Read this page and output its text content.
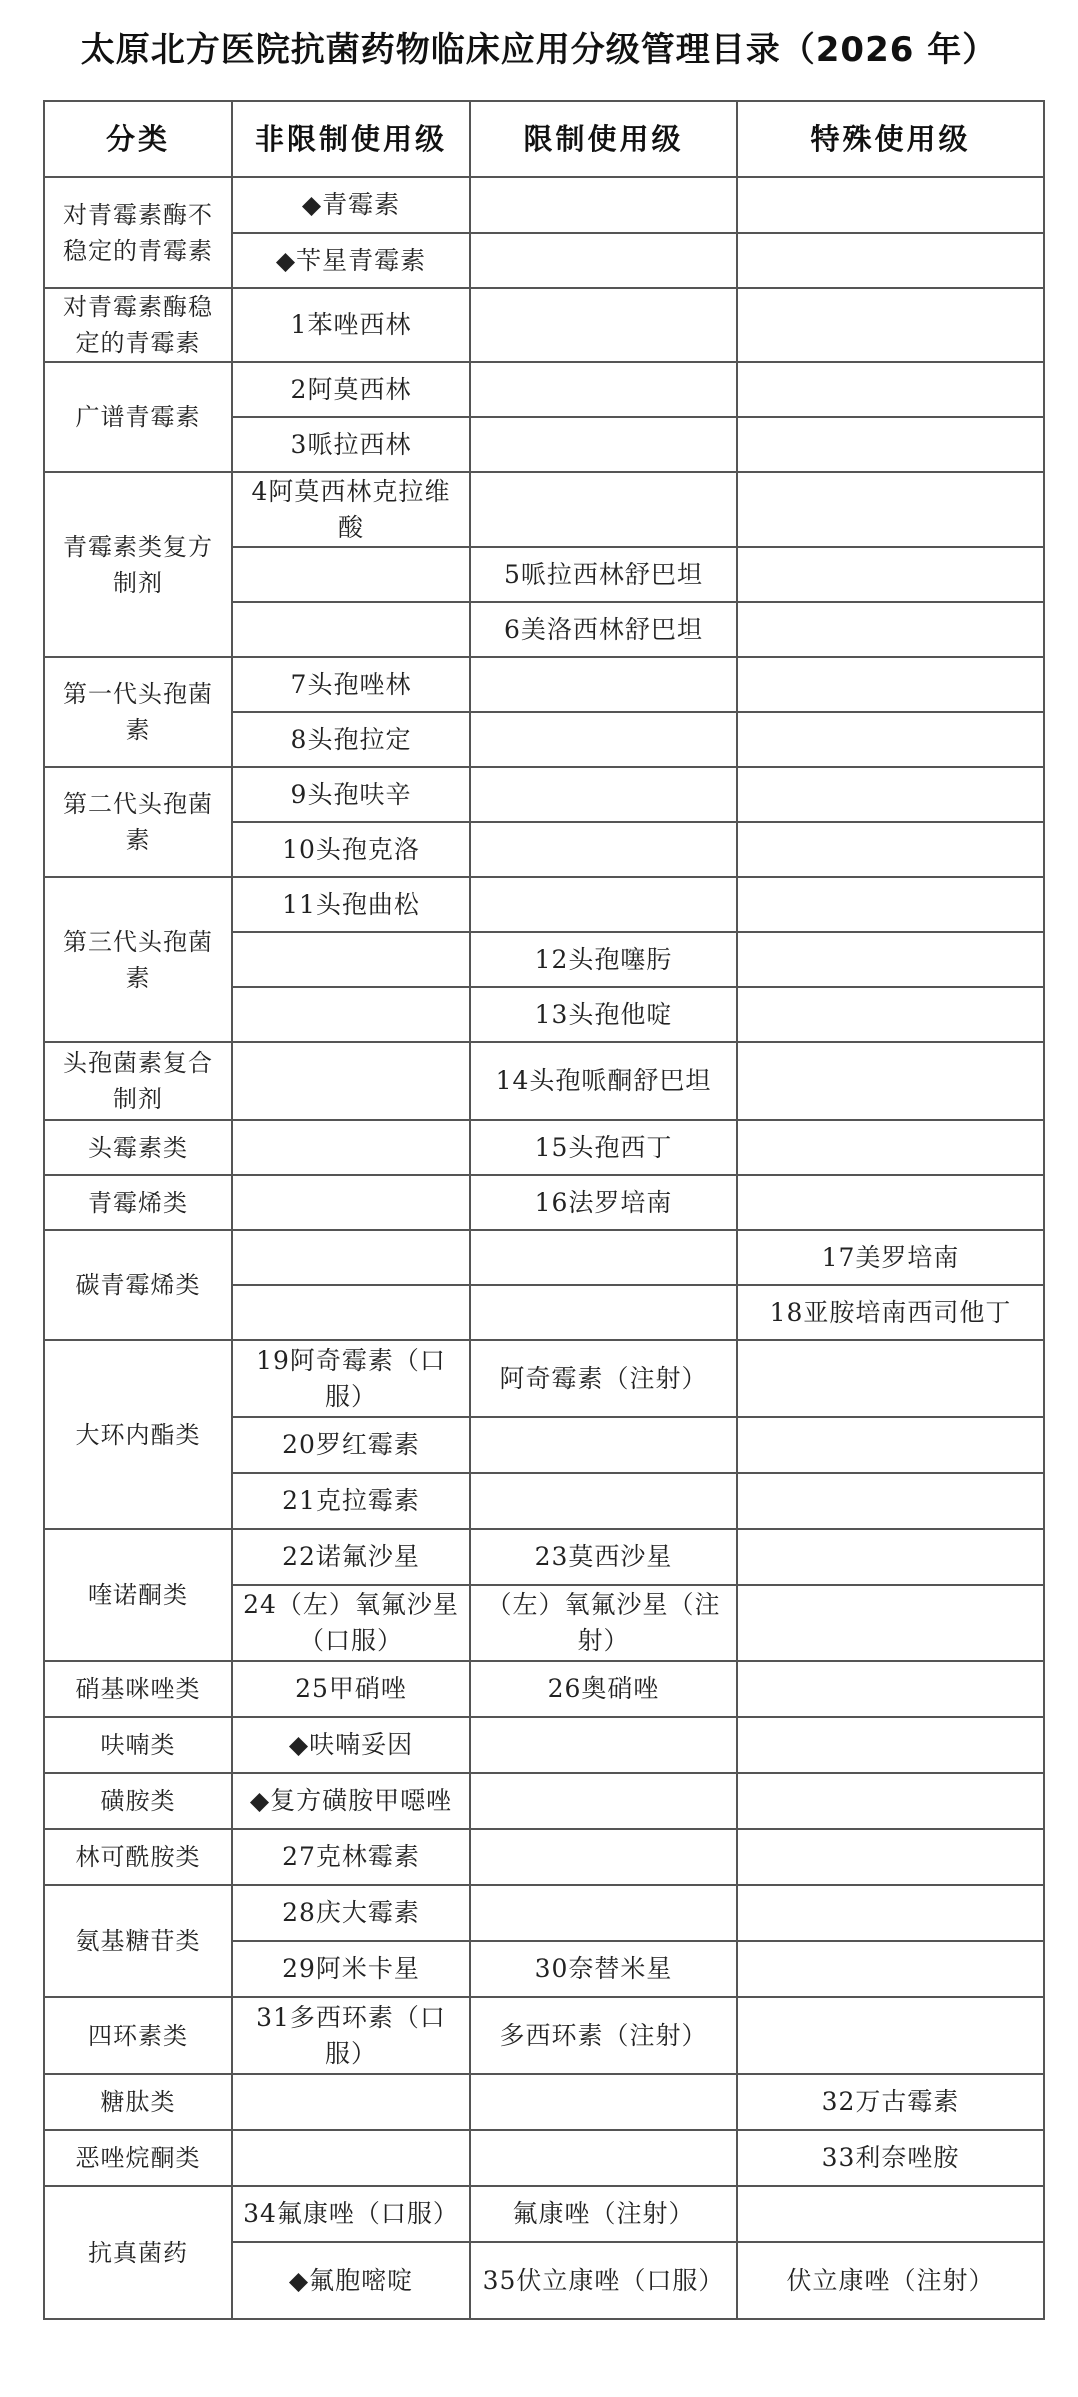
太原北方医院抗菌药物临床应用分级管理目录（2026 年）
分类	非限制使用级	限制使用级	特殊使用级
对青霉素酶不稳定的青霉素	◆青霉素		
	◆苄星青霉素		
对青霉素酶稳定的青霉素	1苯唑西林		
广谱青霉素	2阿莫西林		
	3哌拉西林		
青霉素类复方制剂	4阿莫西林克拉维酸		
		5哌拉西林舒巴坦	
		6美洛西林舒巴坦	
第一代头孢菌素	7头孢唑林		
	8头孢拉定		
第二代头孢菌素	9头孢呋辛		
	10头孢克洛		
第三代头孢菌素	11头孢曲松		
		12头孢噻肟	
		13头孢他啶	
头孢菌素复合制剂		14头孢哌酮舒巴坦	
头霉素类		15头孢西丁	
青霉烯类		16法罗培南	
碳青霉烯类			17美罗培南
			18亚胺培南西司他丁
大环内酯类	19阿奇霉素（口服）	阿奇霉素（注射）	
	20罗红霉素		
	21克拉霉素		
喹诺酮类	22诺氟沙星	23莫西沙星	
	24（左）氧氟沙星（口服）	（左）氧氟沙星（注射）	
硝基咪唑类	25甲硝唑	26奥硝唑	
呋喃类	◆呋喃妥因		
磺胺类	◆复方磺胺甲噁唑		
林可酰胺类	27克林霉素		
氨基糖苷类	28庆大霉素		
	29阿米卡星	30奈替米星	
四环素类	31多西环素（口服）	多西环素（注射）	
糖肽类			32万古霉素
恶唑烷酮类			33利奈唑胺
抗真菌药	34氟康唑（口服）	氟康唑（注射）	
	◆氟胞嘧啶	35伏立康唑（口服）	伏立康唑（注射）
